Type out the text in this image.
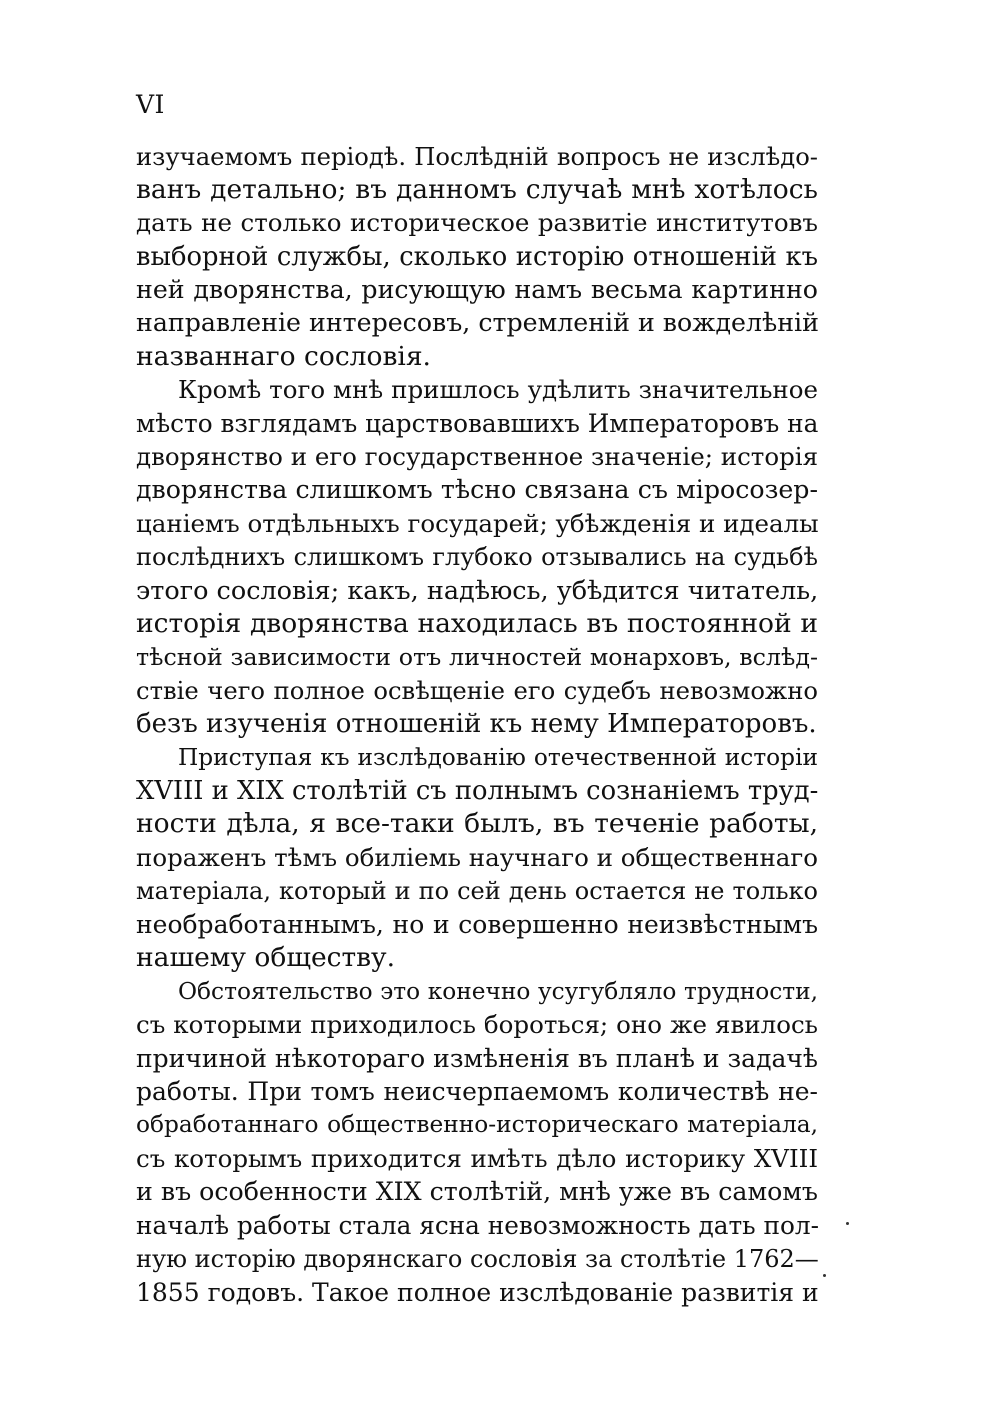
VI
изучаемомъ періодѣ. Послѣдній вопросъ не изслѣдо-
ванъ детально; въ данномъ случаѣ мнѣ хотѣлось
дать не столько историческое развитіе институтовъ
выборной службы, сколько исторію отношеній къ
ней дворянства, рисующую намъ весьма картинно
направленіе интересовъ, стремленій и вожделѣній
названнаго сословія.
Кромѣ того мнѣ пришлось удѣлить значительное
мѣсто взглядамъ царствовавшихъ Императоровъ на
дворянство и его государственное значеніе; исторія
дворянства слишкомъ тѣсно связана съ міросозер-
цаніемъ отдѣльныхъ государей; убѣжденія и идеалы
послѣднихъ слишкомъ глубоко отзывались на судьбѣ
этого сословія; какъ, надѣюсь, убѣдится читатель,
исторія дворянства находилась въ постоянной и
тѣсной зависимости отъ личностей монарховъ, вслѣд-
ствіе чего полное освѣщеніе его судебъ невозможно
безъ изученія отношеній къ нему Императоровъ.
Приступая къ изслѣдованію отечественной исторіи
XVIII и XIX столѣтій съ полнымъ сознаніемъ труд-
ности дѣла, я все-таки былъ, въ теченіе работы,
пораженъ тѣмъ обиліемь научнаго и общественнаго
матеріала, который и по сей день остается не только
необработаннымъ, но и совершенно неизвѣстнымъ
нашему обществу.
Обстоятельство это конечно усугубляло трудности,
съ которыми приходилось бороться; оно же явилось
причиной нѣкотораго измѣненія въ планѣ и задачѣ
работы. При томъ неисчерпаемомъ количествѣ не-
обработаннаго общественно-историческаго матеріала,
съ которымъ приходится имѣть дѣло историку XVIII
и въ особенности XIX столѣтій, мнѣ уже въ самомъ
началѣ работы стала ясна невозможность дать пол-
ную исторію дворянскаго сословія за столѣтіе 1762—
1855 годовъ. Такое полное изслѣдованіе развитія и
